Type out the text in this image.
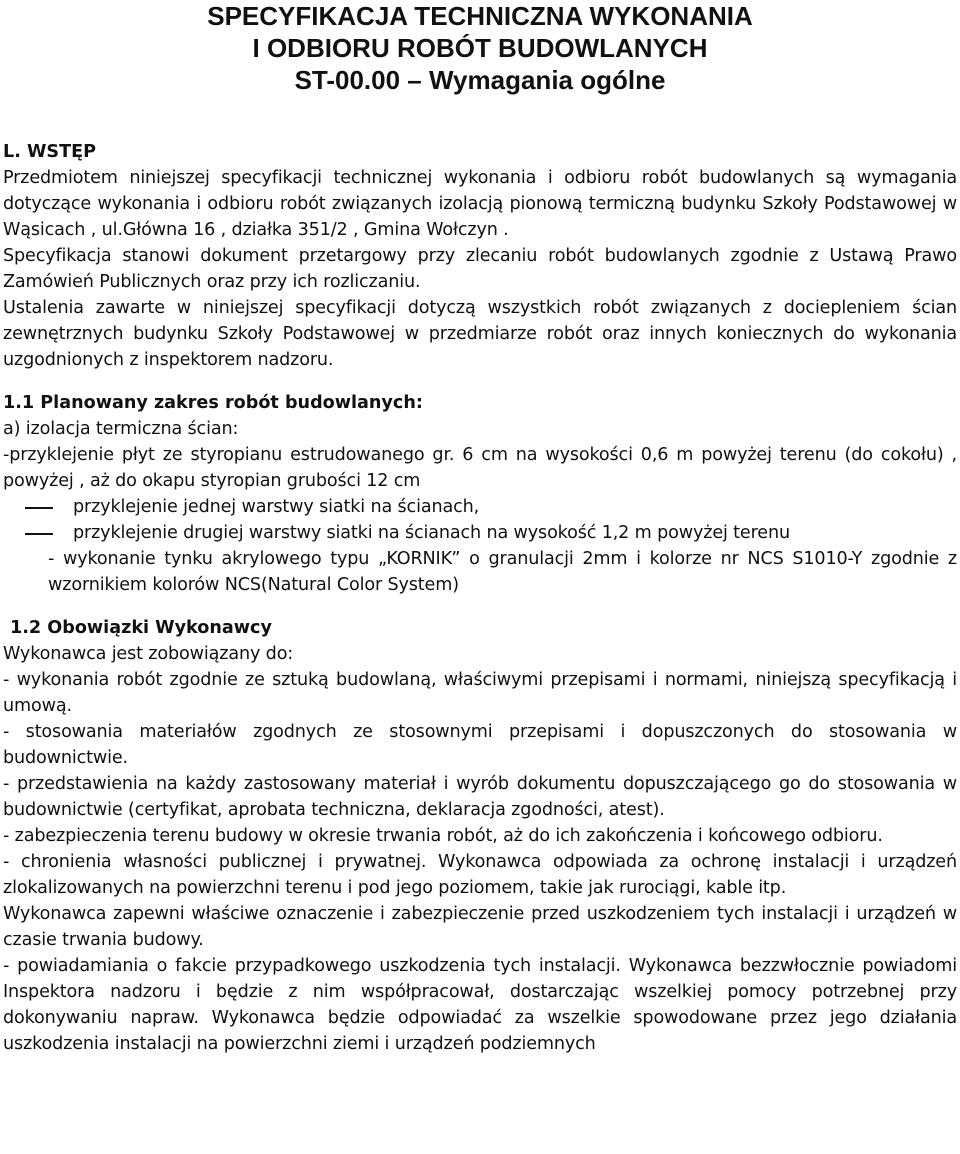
SPECYFIKACJA TECHNICZNA WYKONANIA
I ODBIORU ROBÓT BUDOWLANYCH
ST-00.00 – Wymagania ogólne

L. WSTĘP

Przedmiotem niniejszej specyfikacji technicznej wykonania i odbioru robót budowlanych są wymagania dotyczące wykonania i odbioru robót związanych izolacją pionową termiczną budynku Szkoły Podstawowej w Wąsicach , ul.Główna 16 , działka 351/2 , Gmina Wołczyn .

Specyfikacja stanowi dokument przetargowy przy zlecaniu robót budowlanych zgodnie z Ustawą Prawo Zamówień Publicznych oraz przy ich rozliczaniu.

Ustalenia zawarte w niniejszej specyfikacji dotyczą wszystkich robót związanych z dociepleniem ścian zewnętrznych budynku Szkoły Podstawowej w przedmiarze robót oraz innych koniecznych do wykonania uzgodnionych z inspektorem nadzoru.

1.1 Planowany zakres robót budowlanych:

a) izolacja termiczna ścian:

-przyklejenie płyt ze styropianu estrudowanego gr. 6 cm na wysokości 0,6 m powyżej terenu (do cokołu) , powyżej , aż do okapu styropian grubości 12 cm

przyklejenie jednej warstwy siatki na ścianach,
przyklejenie drugiej warstwy siatki na ścianach na wysokość 1,2 m powyżej terenu

- wykonanie tynku akrylowego typu „KORNIK” o granulacji 2mm i kolorze nr NCS S1010-Y zgodnie z wzornikiem kolorów NCS(Natural Color System)

1.2 Obowiązki Wykonawcy

Wykonawca jest zobowiązany do:

- wykonania robót zgodnie ze sztuką budowlaną, właściwymi przepisami i normami, niniejszą specyfikacją i umową.

- stosowania materiałów zgodnych ze stosownymi przepisami i dopuszczonych do stosowania w budownictwie.

- przedstawienia na każdy zastosowany materiał i wyrób dokumentu dopuszczającego go do stosowania w budownictwie (certyfikat, aprobata techniczna, deklaracja zgodności, atest).

- zabezpieczenia terenu budowy w okresie trwania robót, aż do ich zakończenia i końcowego odbioru.

- chronienia własności publicznej i prywatnej. Wykonawca odpowiada za ochronę instalacji i urządzeń zlokalizowanych na powierzchni terenu i pod jego poziomem, takie jak rurociągi, kable itp.

Wykonawca zapewni właściwe oznaczenie i zabezpieczenie przed uszkodzeniem tych instalacji i urządzeń w czasie trwania budowy.

- powiadamiania o fakcie przypadkowego uszkodzenia tych instalacji. Wykonawca bezzwłocznie powiadomi Inspektora nadzoru i będzie z nim współpracował, dostarczając wszelkiej pomocy potrzebnej przy dokonywaniu napraw. Wykonawca będzie odpowiadać za wszelkie spowodowane przez jego działania uszkodzenia instalacji na powierzchni ziemi i urządzeń podziemnych
